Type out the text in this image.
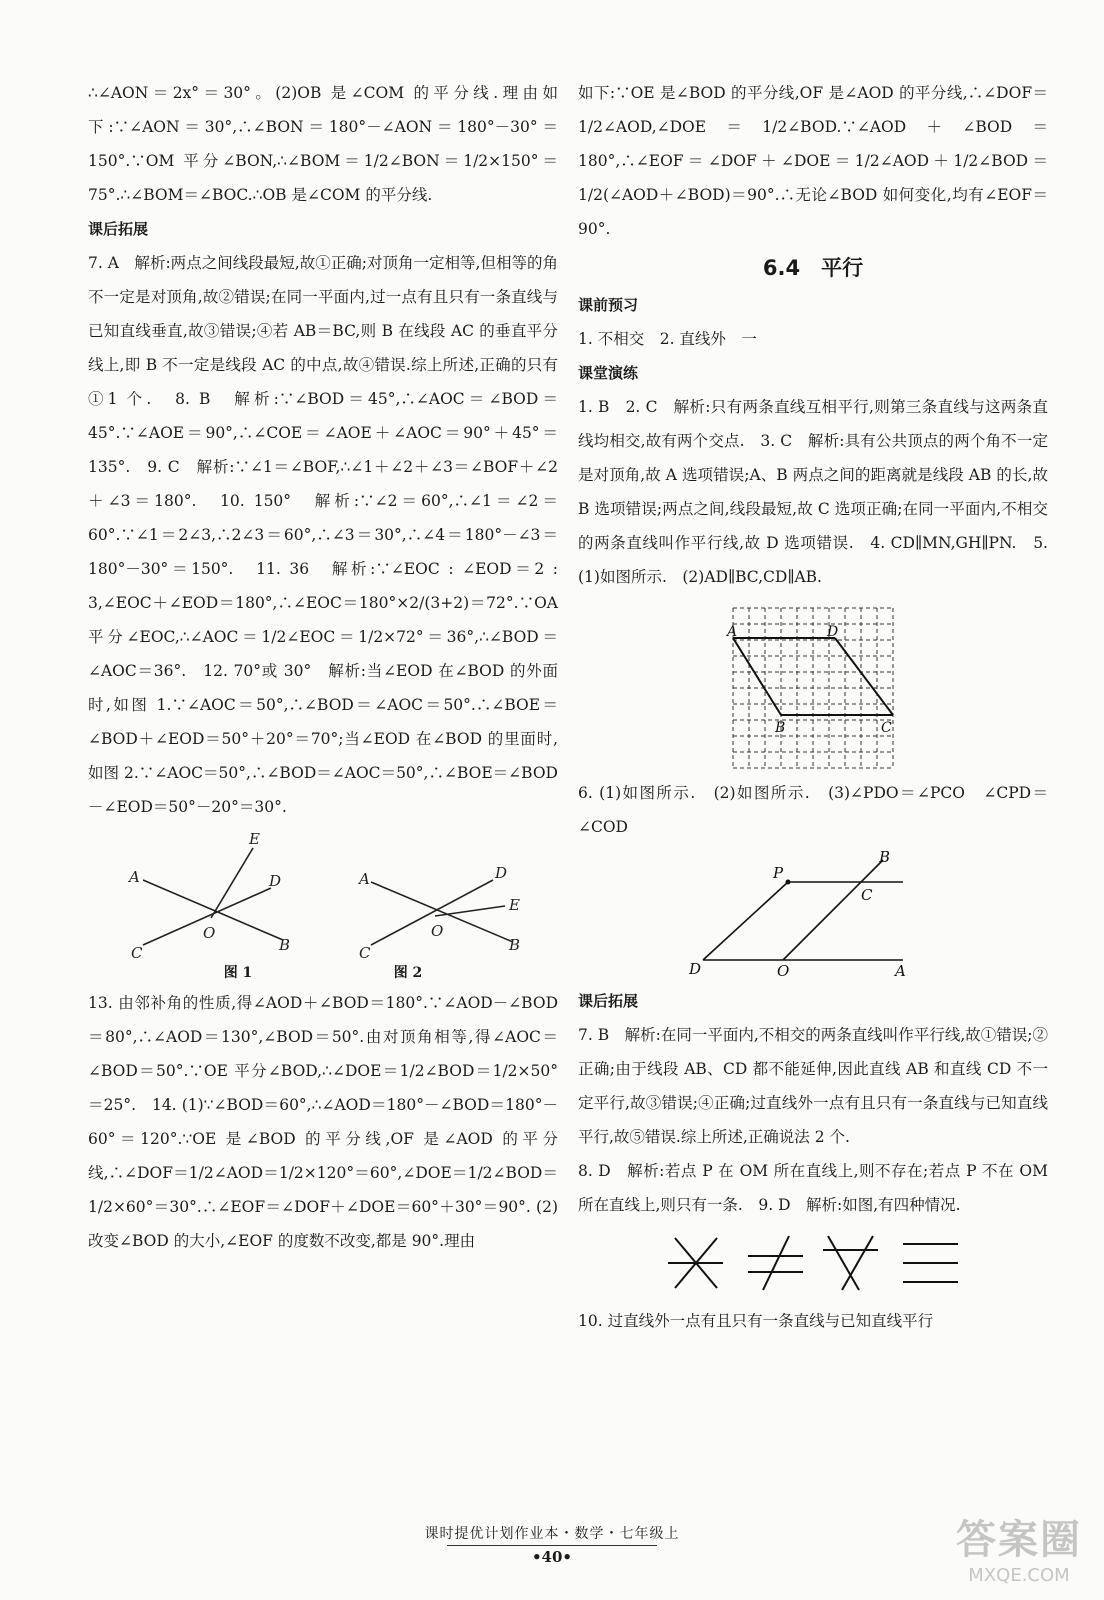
∴∠AON＝2x°＝30°。(2)OB 是∠COM 的平分线.理由如下:∵∠AON＝30°,∴∠BON＝180°－∠AON＝180°－30°＝150°.∵OM 平分∠BON,∴∠BOM＝1/2∠BON＝1/2×150°＝75°.∴∠BOM＝∠BOC.∴OB 是∠COM 的平分线.

课后拓展

7. A　解析:两点之间线段最短,故①正确;对顶角一定相等,但相等的角不一定是对顶角,故②错误;在同一平面内,过一点有且只有一条直线与已知直线垂直,故③错误;④若 AB＝BC,则 B 在线段 AC 的垂直平分线上,即 B 不一定是线段 AC 的中点,故④错误.综上所述,正确的只有①1 个.　8. B　解析:∵∠BOD＝45°,∴∠AOC＝∠BOD＝45°.∵∠AOE＝90°,∴∠COE＝∠AOE＋∠AOC＝90°＋45°＝135°.　9. C　解析:∵∠1＝∠BOF,∴∠1＋∠2＋∠3＝∠BOF＋∠2＋∠3＝180°.　10. 150°　解析:∵∠2＝60°,∴∠1＝∠2＝60°.∵∠1＝2∠3,∴2∠3＝60°,∴∠3＝30°,∴∠4＝180°－∠3＝180°－30°＝150°.　11. 36　解析:∵∠EOC : ∠EOD＝2 : 3,∠EOC＋∠EOD＝180°,∴∠EOC＝180°×2/(3+2)＝72°.∵OA 平分∠EOC,∴∠AOC＝1/2∠EOC＝1/2×72°＝36°,∴∠BOD＝∠AOC＝36°.　12. 70°或 30°　解析:当∠EOD 在∠BOD 的外面时,如图 1.∵∠AOC＝50°,∴∠BOD＝∠AOC＝50°.∴∠BOE＝∠BOD＋∠EOD＝50°＋20°＝70°;当∠EOD 在∠BOD 的里面时,如图 2.∵∠AOC＝50°,∴∠BOD＝∠AOC＝50°,∴∠BOE＝∠BOD－∠EOD＝50°－20°＝30°.

A
E
D
O
C	B
A	D
E
O
C	B
图 1	图 2

13. 由邻补角的性质,得∠AOD＋∠BOD＝180°.∵∠AOD－∠BOD＝80°,∴∠AOD＝130°,∠BOD＝50°.由对顶角相等,得∠AOC＝∠BOD＝50°.∵OE 平分∠BOD,∴∠DOE＝1/2∠BOD＝1/2×50°＝25°.　14. (1)∵∠BOD＝60°,∴∠AOD＝180°－∠BOD＝180°－60°＝120°.∵OE 是∠BOD 的平分线,OF 是∠AOD 的平分线,∴∠DOF＝1/2∠AOD＝1/2×120°＝60°,∠DOE＝1/2∠BOD＝1/2×60°＝30°.∴∠EOF＝∠DOF＋∠DOE＝60°＋30°＝90°. (2)改变∠BOD 的大小,∠EOF 的度数不改变,都是 90°.理由

如下:∵OE 是∠BOD 的平分线,OF 是∠AOD 的平分线,∴∠DOF＝1/2∠AOD,∠DOE＝1/2∠BOD.∵∠AOD＋∠BOD＝180°,∴∠EOF＝∠DOF＋∠DOE＝1/2∠AOD＋1/2∠BOD＝1/2(∠AOD＋∠BOD)＝90°.∴无论∠BOD 如何变化,均有∠EOF＝90°.

6.4　平行
课前预习

1. 不相交　2. 直线外　一

课堂演练

1. B　2. C　解析:只有两条直线互相平行,则第三条直线与这两条直线均相交,故有两个交点.　3. C　解析:具有公共顶点的两个角不一定是对顶角,故 A 选项错误;A、B 两点之间的距离就是线段 AB 的长,故 B 选项错误;两点之间,线段最短,故 C 选项正确;在同一平面内,不相交的两条直线叫作平行线,故 D 选项错误.　4. CD∥MN,GH∥PN.　5. (1)如图所示.　(2)AD∥BC,CD∥AB.

A	D
B	C

6. (1)如图所示.　(2)如图所示.　(3)∠PDO＝∠PCO　∠CPD＝∠COD

P
B
C
D	O	A
课后拓展

7. B　解析:在同一平面内,不相交的两条直线叫作平行线,故①错误;②正确;由于线段 AB、CD 都不能延伸,因此直线 AB 和直线 CD 不一定平行,故③错误;④正确;过直线外一点有且只有一条直线与已知直线平行,故⑤错误.综上所述,正确说法 2 个.

8. D　解析:若点 P 在 OM 所在直线上,则不存在;若点 P 不在 OM 所在直线上,则只有一条.　9. D　解析:如图,有四种情况.

10. 过直线外一点有且只有一条直线与已知直线平行

课时提优计划作业本・数学・七年级上
•40•	答案圈
MXQE.COM
